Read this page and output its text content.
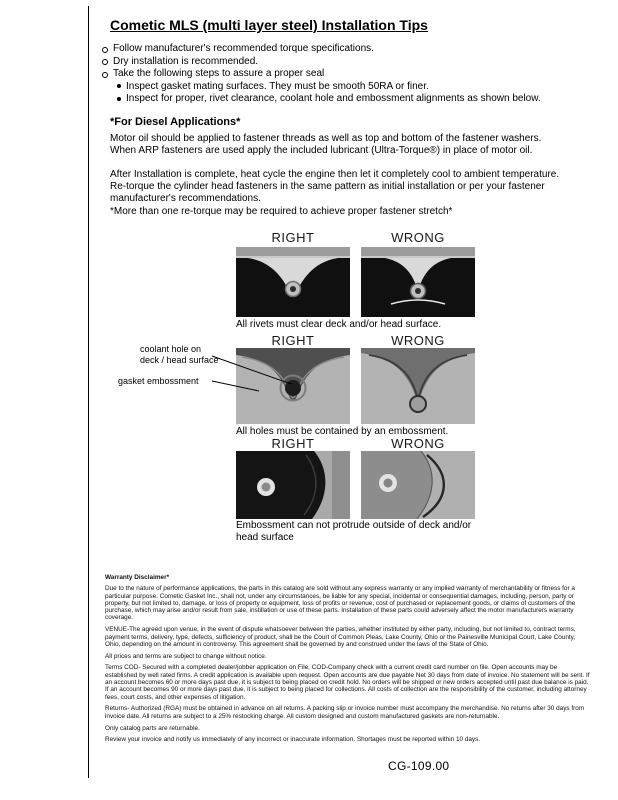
Cometic MLS (multi layer steel) Installation Tips
Follow manufacturer's recommended torque specifications.
Dry installation is recommended.
Take the following steps to assure a proper seal
Inspect gasket mating surfaces. They must be smooth 50RA or finer.
Inspect for proper, rivet clearance, coolant hole and embossment alignments as shown below.
*For Diesel Applications*

Motor oil should be applied to fastener threads as well as top and bottom of the fastener washers. When ARP fasteners are used apply the included lubricant (Ultra-Torque®) in place of motor oil.

After Installation is complete, heat cycle the engine then let it completely cool to ambient temperature. Re-torque the cylinder head fasteners in the same pattern as initial installation or per your fastener manufacturer's recommendations.

*More than one re-torque may be required to achieve proper fastener stretch*

RIGHT	WRONG
All rivets must clear deck and/or head surface.
RIGHT	WRONG
coolant hole on deck / head surface
gasket embossment
All holes must be contained by an embossment.
RIGHT	WRONG
Embossment can not protrude outside of deck and/or head surface

Warranty Disclaimer*

Due to the nature of performance applications, the parts in this catalog are sold without any express warranty or any implied warranty of merchantability or fitness for a particular purpose. Cometic Gasket Inc., shall not, under any circumstances, be liable for any special, incidental or consequential damages, including, person, party or property, but not limited to, damage, or loss of property or equipment, loss of profits or revenue, cost of purchased or replacement goods, or claims of customers of the purchase, which may arise and/or result from sale, instillation or use of these parts. Installation of these parts could adversely affect the motor manufacturers warranty coverage.

VENUE-The agreed upon venue, in the event of dispute whatsoever between the parties, whether instituted by either party, including, but not limited to, contract terms, payment terms, delivery, type, defects, sufficiency of product, shall be the Court of Common Pleas, Lake County, Ohio or the Painesville Municipal Court, Lake County, Ohio, depending on the amount in controversy. This agreement shall be governed by and construed under the laws of the State of Ohio.

All prices and terms are subject to change without notice.

Terms COD- Secured with a completed dealer/jobber application on File, COD-Company check with a current credit card number on file. Open accounts may be established by well rated firms. A credit application is available upon request. Open accounts are due payable Net 30 days from date of invoice. No statement will be sent. If an account becomes 60 or more days past due, it is subject to being placed on credit hold. No orders will be shipped or new orders accepted until past due balance is paid. If an account becomes 90 or more days past due, it is subject to being placed for collections. All costs of collection are the responsibility of the customer, including attorney fees, court costs, and other expenses of litigation.

Returns- Authorized (RGA) must be obtained in advance on all returns. A packing slip or invoice number must accompany the merchandise. No returns after 30 days from invoice date. All returns are subject to a 25% restocking charge. All custom designed and custom manufactured gaskets are non-returnable.

Only catalog parts are returnable.

Review your invoice and notify us immediately of any incorrect or inaccurate information. Shortages must be reported within 10 days.

CG-109.00
